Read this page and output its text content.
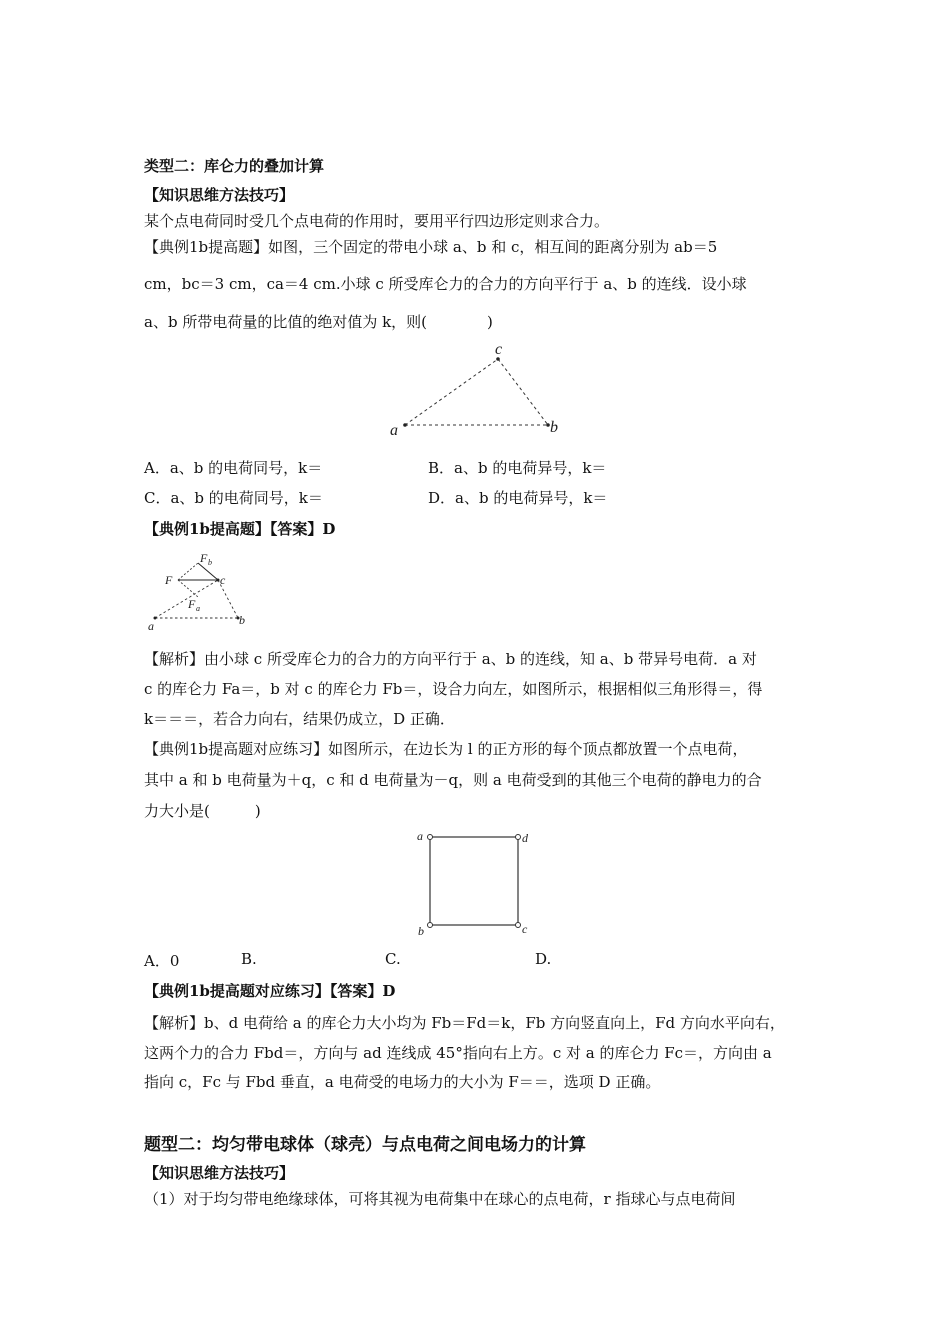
类型二：库仑力的叠加计算
【知识思维方法技巧】
某个点电荷同时受几个点电荷的作用时，要用平行四边形定则求合力。
【典例1b提高题】如图，三个固定的带电小球 a、b 和 c，相互间的距离分别为 ab＝5
cm，bc＝3 cm，ca＝4 cm.小球 c 所受库仑力的合力的方向平行于 a、b 的连线．设小球
a、b 所带电荷量的比值的绝对值为 k，则(　　　　)
a
c
b
A．a、b 的电荷同号，k＝	B．a、b 的电荷异号，k＝
C．a、b 的电荷同号，k＝	D．a、b 的电荷异号，k＝
【典例1b提高题】【答案】D
F b
F	c
F a
a	b
【解析】由小球 c 所受库仑力的合力的方向平行于 a、b 的连线，知 a、b 带异号电荷．a 对
c 的库仑力 Fa＝，b 对 c 的库仑力 Fb＝，设合力向左，如图所示，根据相似三角形得＝，得
k＝＝＝，若合力向右，结果仍成立，D 正确．
【典例1b提高题对应练习】如图所示，在边长为 l 的正方形的每个顶点都放置一个点电荷，
其中 a 和 b 电荷量为＋q，c 和 d 电荷量为－q，则 a 电荷受到的其他三个电荷的静电力的合
力大小是(　　　)
a	d
b	c
A．0	B.	C.	D.
【典例1b提高题对应练习】【答案】D
【解析】b、d 电荷给 a 的库仑力大小均为 Fb＝Fd＝k，Fb 方向竖直向上，Fd 方向水平向右，
这两个力的合力 Fbd＝，方向与 ad 连线成 45°指向右上方。c 对 a 的库仑力 Fc＝，方向由 a
指向 c，Fc 与 Fbd 垂直，a 电荷受的电场力的大小为 F＝＝，选项 D 正确。
题型二：均匀带电球体（球壳）与点电荷之间电场力的计算
【知识思维方法技巧】
（1）对于均匀带电绝缘球体，可将其视为电荷集中在球心的点电荷，r 指球心与点电荷间
